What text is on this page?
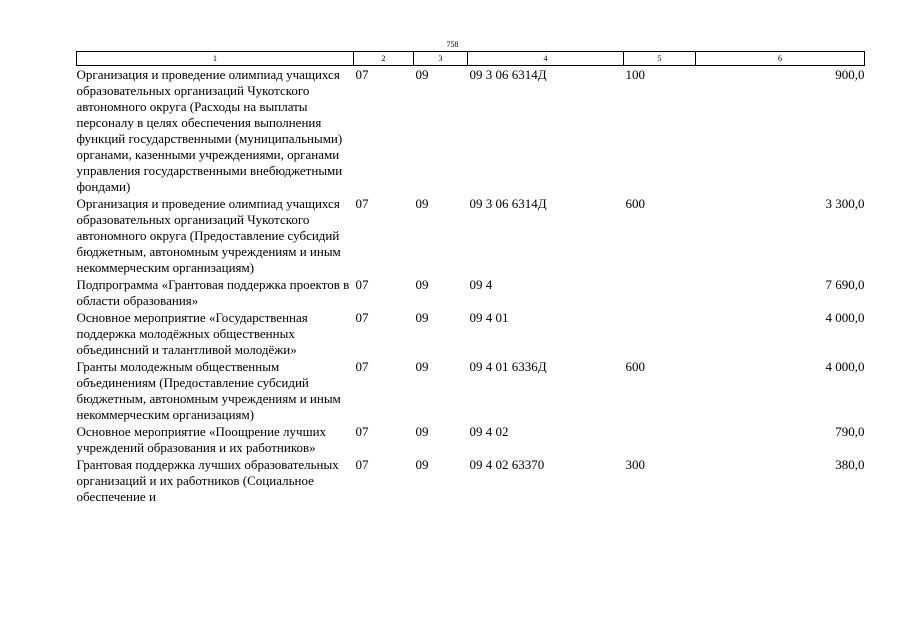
758
1	2	3	4	5	6
Организация и проведение олимпиад учащихся образовательных организаций Чукотского автономного округа (Расходы на выплаты персоналу в целях обеспечения выполнения функций государственными (муниципальными) органами, казенными учреждениями, органами управления государственными внебюджетными фондами)	07	09	09 3 06 6314Д	100	900,0
Организация и проведение олимпиад учащихся образовательных организаций Чукотского автономного округа (Предоставление субсидий бюджетным, автономным учреждениям и иным некоммерческим организациям)	07	09	09 3 06 6314Д	600	3 300,0
Подпрограмма «Грантовая поддержка проектов в области образования»	07	09	09 4		7 690,0
Основное мероприятие «Государственная поддержка молодёжных общественных объединсний и талантливой молодёжи»	07	09	09 4 01		4 000,0
Гранты молодежным общественным объединениям (Предоставление субсидий бюджетным, автономным учреждениям и иным некоммерческим организациям)	07	09	09 4 01 6336Д	600	4 000,0
Основное мероприятие «Поощрение лучших учреждений образования и их работников»	07	09	09 4 02		790,0
Грантовая поддержка лучших образовательных организаций и их работников (Социальное обеспечение и	07	09	09 4 02 63370	300	380,0
